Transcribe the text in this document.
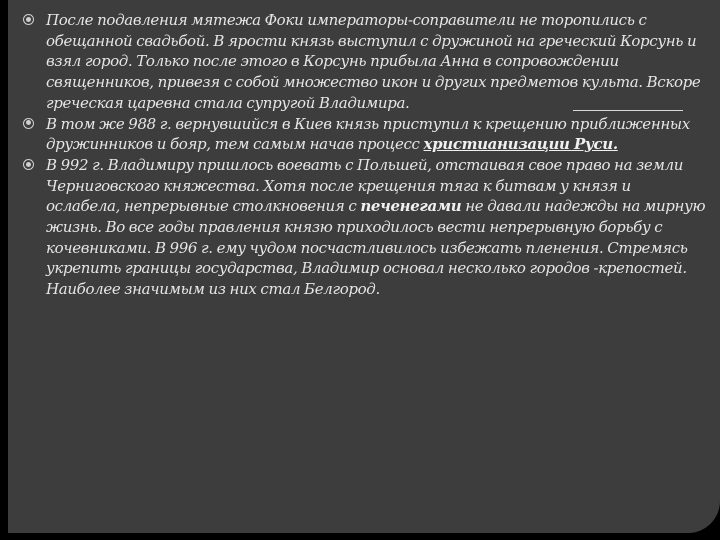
После подавления мятежа Фоки императоры-соправители не торопились с обещанной свадьбой. В ярости князь выступил с дружиной на греческий Корсунь и взял город. Только после этого в Корсунь прибыла Анна в сопровождении священников, привезя с собой множество икон и других предметов культа. Вскоре греческая царевна стала супругой Владимира.
В том же 988 г. вернувшийся в Киев князь приступил к крещению приближенных дружинников и бояр, тем самым начав процесс христианизации Руси.
В 992 г. Владимиру пришлось воевать с Польшей, отстаивая свое право на земли Черниговского княжества. Хотя после крещения тяга к битвам у князя и ослабела, непрерывные столкновения с печенегами не давали надежды на мирную жизнь. Во все годы правления князю приходилось вести непрерывную борьбу с кочевниками. В 996 г. ему чудом посчастливилось избежать пленения. Стремясь укрепить границы государства, Владимир основал несколько городов -крепостей. Наиболее значимым из них стал Белгород.
